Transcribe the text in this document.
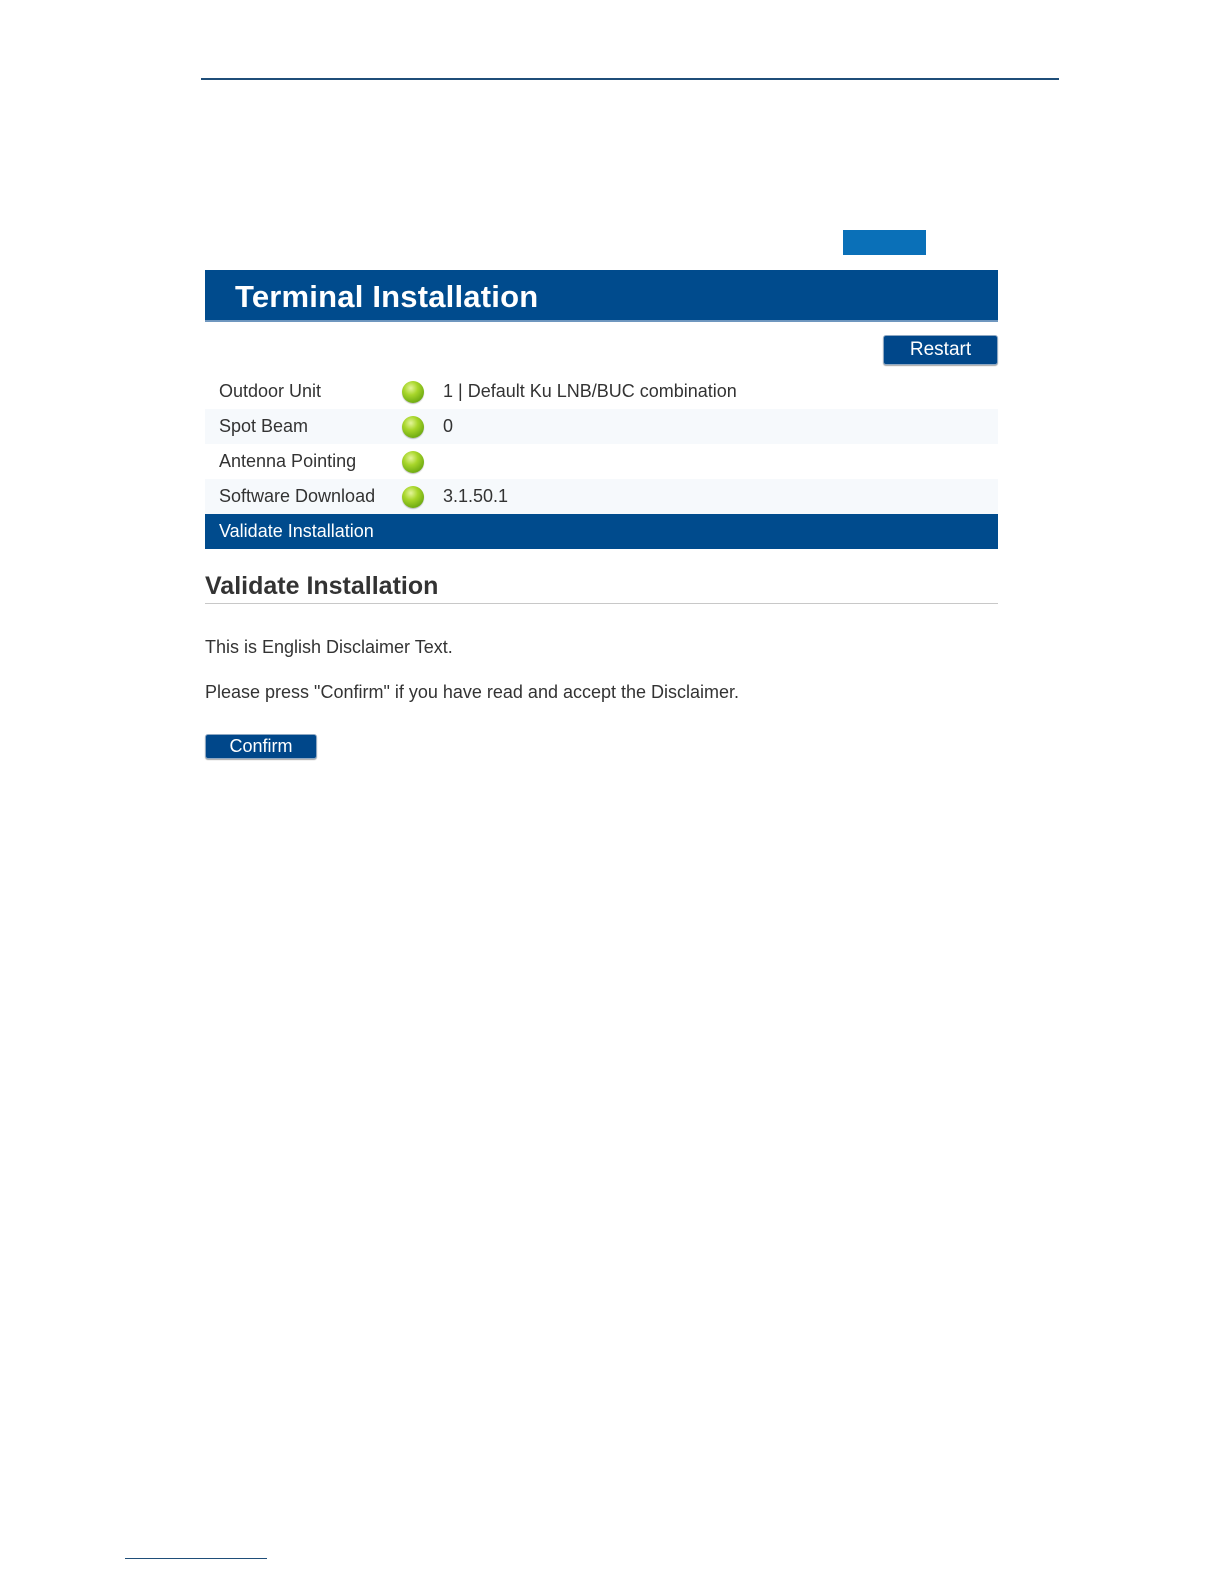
Terminal Installation
Restart
Outdoor Unit	1 | Default Ku LNB/BUC combination
Spot Beam	0
Antenna Pointing
Software Download	3.1.50.1
Validate Installation
Validate Installation
This is English Disclaimer Text.
Please press "Confirm" if you have read and accept the Disclaimer.
Confirm
